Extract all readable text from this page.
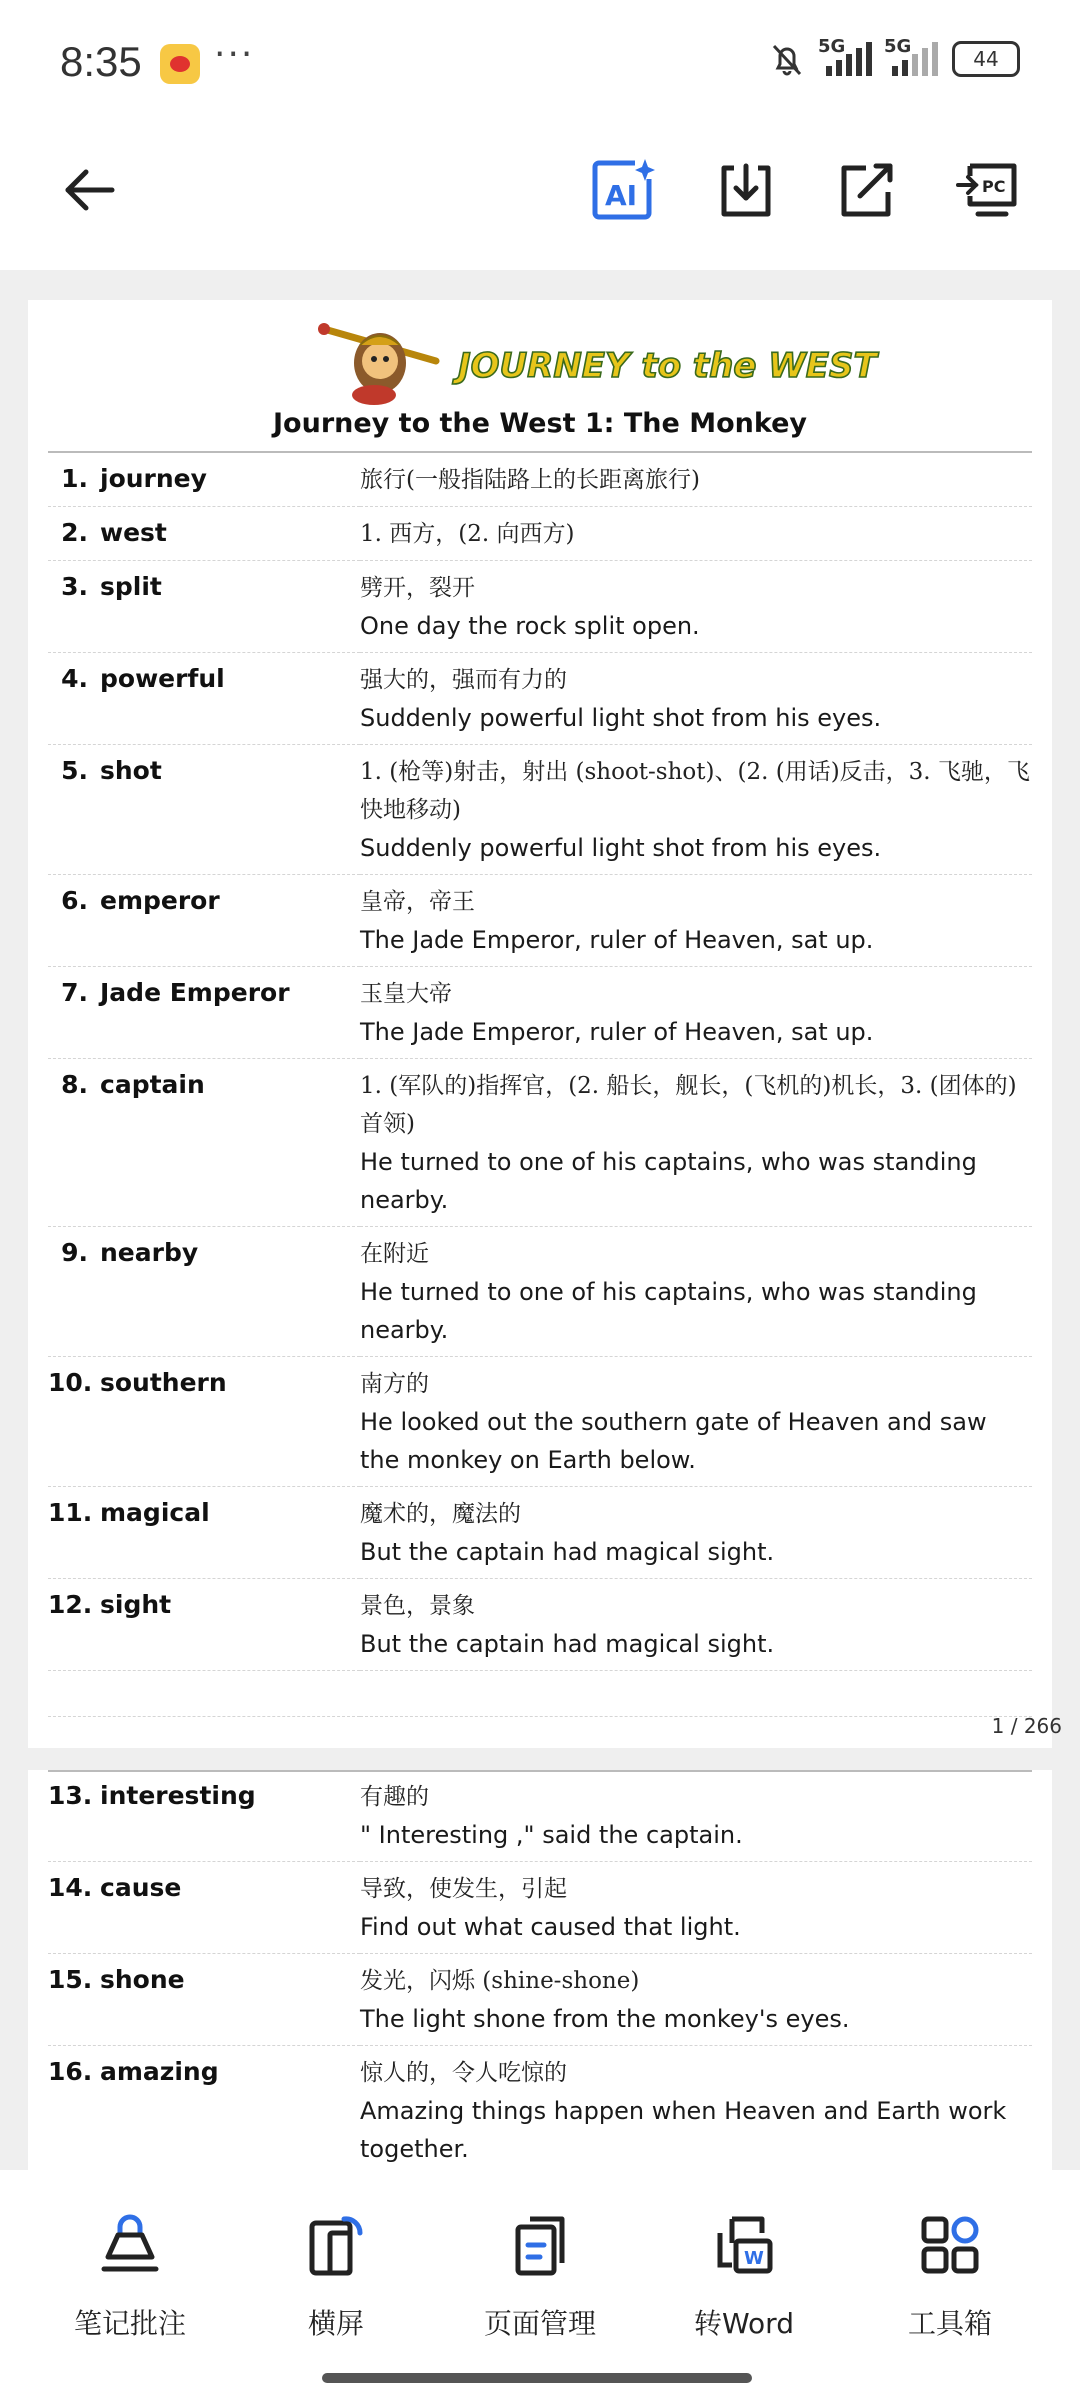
8:35 ···	5G 5G
44
AI	PC
JOURNEY to the WEST
Journey to the West 1: The Monkey
1. journey	旅行(一般指陆路上的长距离旅行)

2. west	1. 西方，(2. 向西方)

3. split	劈开，裂开
One day the rock split open.

4. powerful	强大的，强而有力的
Suddenly powerful light shot from his eyes.

5. shot	1. (枪等)射击，射出 (shoot-shot)、(2. (用话)反击，3. 飞驰，飞快地移动)
Suddenly powerful light shot from his eyes.

6. emperor	皇帝，帝王
The Jade Emperor, ruler of Heaven, sat up.

7. Jade Emperor	玉皇大帝
The Jade Emperor, ruler of Heaven, sat up.

8. captain	1. (军队的)指挥官，(2. 船长，舰长，(飞机的)机长，3. (团体的)首领)
He turned to one of his captains, who was standing nearby.

9. nearby	在附近
He turned to one of his captains, who was standing nearby.

10. southern	南方的
He looked out the southern gate of Heaven and saw the monkey on Earth below.

11. magical	魔术的，魔法的
But the captain had magical sight.

12. sight	景色，景象
But the captain had magical sight.

1 / 266
13. interesting	有趣的
" Interesting ," said the captain.

14. cause	导致，使发生，引起
Find out what caused that light.

15. shone	发光，闪烁 (shine-shone)
The light shone from the monkey's eyes.

16. amazing	惊人的，令人吃惊的
Amazing things happen when Heaven and Earth work together.

笔记批注	横屏	页面管理
W
转Word	工具箱
